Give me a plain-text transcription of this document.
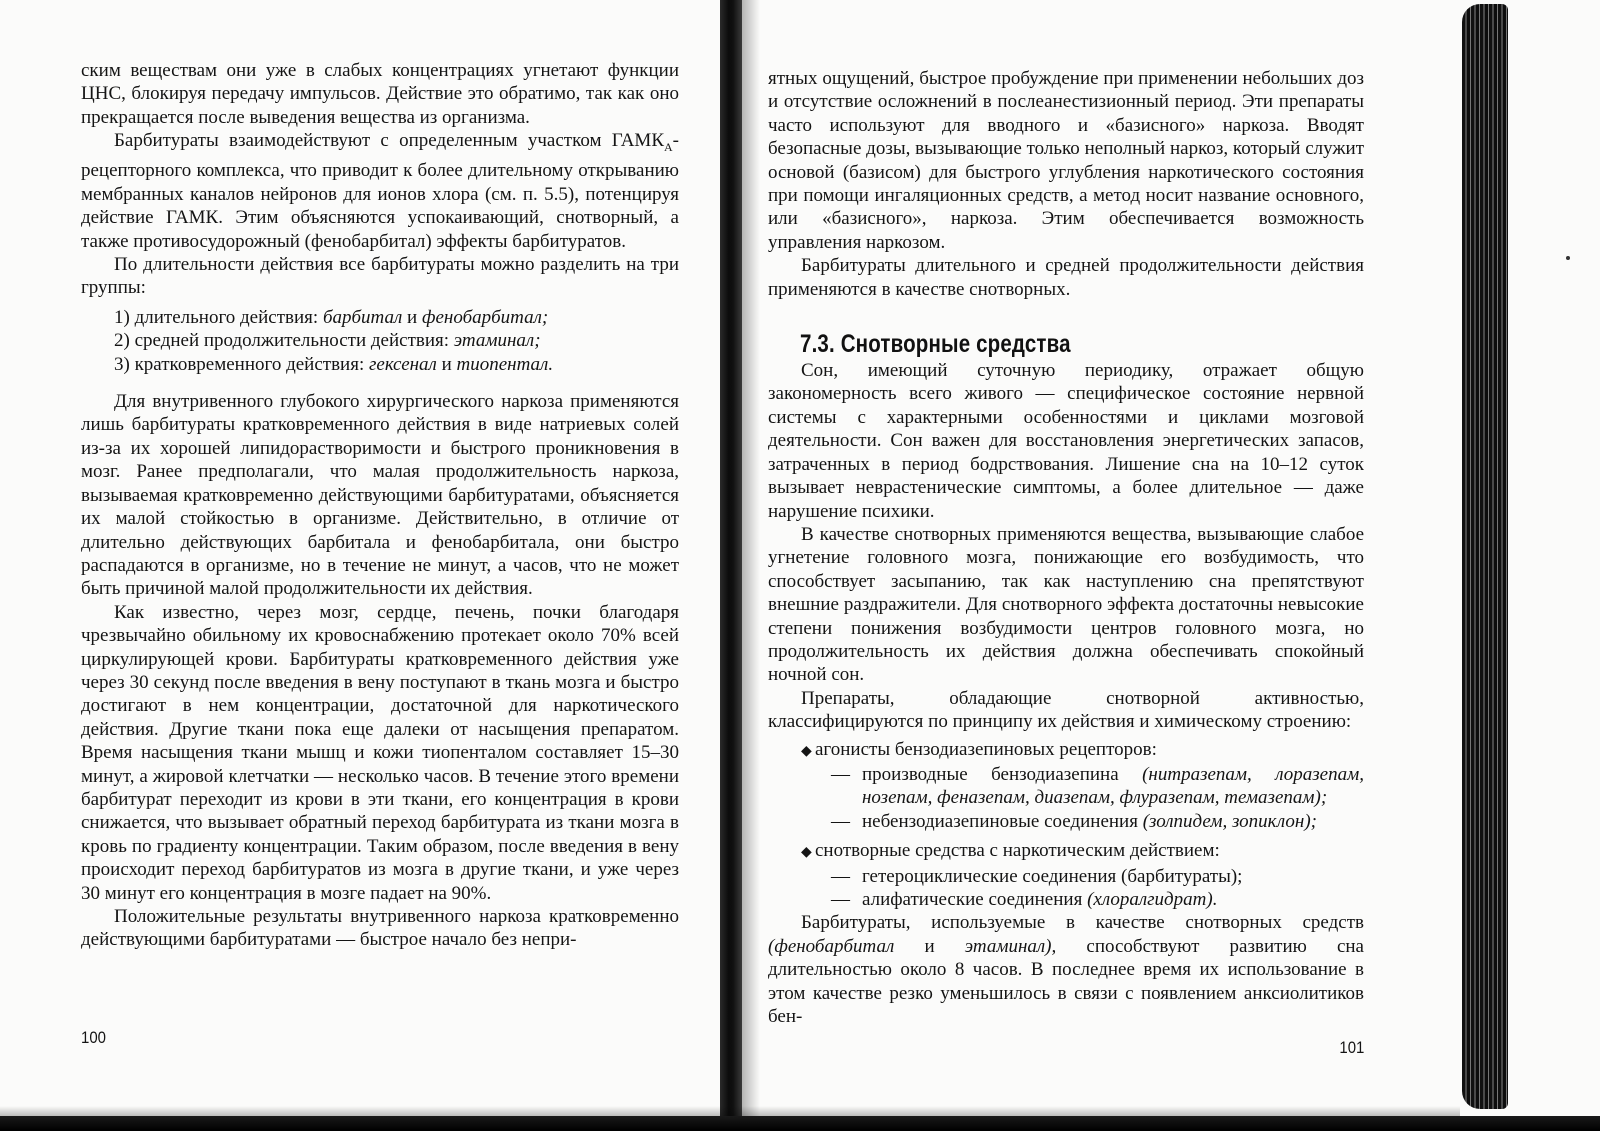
ским веществам они уже в слабых концентрациях угнетают функции ЦНС, блокируя передачу импульсов. Действие это обратимо, так как оно прекращается после выведения вещества из организма.

Барбитураты взаимодействуют с определенным участком $ГАМК_А$-рецепторного комплекса, что приводит к более длительному открыванию мембранных каналов нейронов для ионов хлора (см. п. 5.5), потенцируя действие ГАМК. Этим объясняются успокаивающий, снотворный, а также противосудорожный (фенобарбитал) эффекты барбитуратов.

По длительности действия все барбитураты можно разделить на три группы:

1) длительного действия: барбитал и фенобарбитал;
2) средней продолжительности действия: этаминал;
3) кратковременного действия: гексенал и тиопентал.

Для внутривенного глубокого хирургического наркоза применяются лишь барбитураты кратковременного действия в виде натриевых солей из-за их хорошей липидорастворимости и быстрого проникновения в мозг. Ранее предполагали, что малая продолжительность наркоза, вызываемая кратковременно действующими барбитуратами, объясняется их малой стойкостью в организме. Действительно, в отличие от длительно действующих барбитала и фенобарбитала, они быстро распадаются в организме, но в течение не минут, а часов, что не может быть причиной малой продолжительности их действия.

Как известно, через мозг, сердце, печень, почки благодаря чрезвычайно обильному их кровоснабжению протекает около 70% всей циркулирующей крови. Барбитураты кратковременного действия уже через 30 секунд после введения в вену поступают в ткань мозга и быстро достигают в нем концентрации, достаточной для наркотического действия. Другие ткани пока еще далеки от насыщения препаратом. Время насыщения ткани мышц и кожи тиопенталом составляет 15–30 минут, а жировой клетчатки — несколько часов. В течение этого времени барбитурат переходит из крови в эти ткани, его концентрация в крови снижается, что вызывает обратный переход барбитурата из ткани мозга в кровь по градиенту концентрации. Таким образом, после введения в вену происходит переход барбитуратов из мозга в другие ткани, и уже через 30 минут его концентрация в мозге падает на 90%.

Положительные результаты внутривенного наркоза кратковременно действующими барбитуратами — быстрое начало без непри-

100

ятных ощущений, быстрое пробуждение при применении небольших доз и отсутствие осложнений в послеанестизионный период. Эти препараты часто используют для вводного и «базисного» наркоза. Вводят безопасные дозы, вызывающие только неполный наркоз, который служит основой (базисом) для быстрого углубления наркотического состояния при помощи ингаляционных средств, а метод носит название основного, или «базисного», наркоза. Этим обеспечивается возможность управления наркозом.

Барбитураты длительного и средней продолжительности действия применяются в качестве снотворных.

7.3. Снотворные средства

Сон, имеющий суточную периодику, отражает общую закономерность всего живого — специфическое состояние нервной системы с характерными особенностями и циклами мозговой деятельности. Сон важен для восстановления энергетических запасов, затраченных в период бодрствования. Лишение сна на 10–12 суток вызывает неврастенические симптомы, а более длительное — даже нарушение психики.

В качестве снотворных применяются вещества, вызывающие слабое угнетение головного мозга, понижающие его возбудимость, что способствует засыпанию, так как наступлению сна препятствуют внешние раздражители. Для снотворного эффекта достаточны невысокие степени понижения возбудимости центров головного мозга, но продолжительность их действия должна обеспечивать спокойный ночной сон.

Препараты, обладающие снотворной активностью, классифицируются по принципу их действия и химическому строению:

◆ агонисты бензодиазепиновых рецепторов:
— производные бензодиазепина (нитразепам, лоразепам, нозепам, феназепам, диазепам, флуразепам, темазепам);
— небензодиазепиновые соединения (золпидем, зопиклон);
◆ снотворные средства с наркотическим действием:
— гетероциклические соединения (барбитураты);
— алифатические соединения (хлоралгидрат).

Барбитураты, используемые в качестве снотворных средств (фенобарбитал и этаминал), способствуют развитию сна длительностью около 8 часов. В последнее время их использование в этом качестве резко уменьшилось в связи с появлением анксиолитиков бен-

101
